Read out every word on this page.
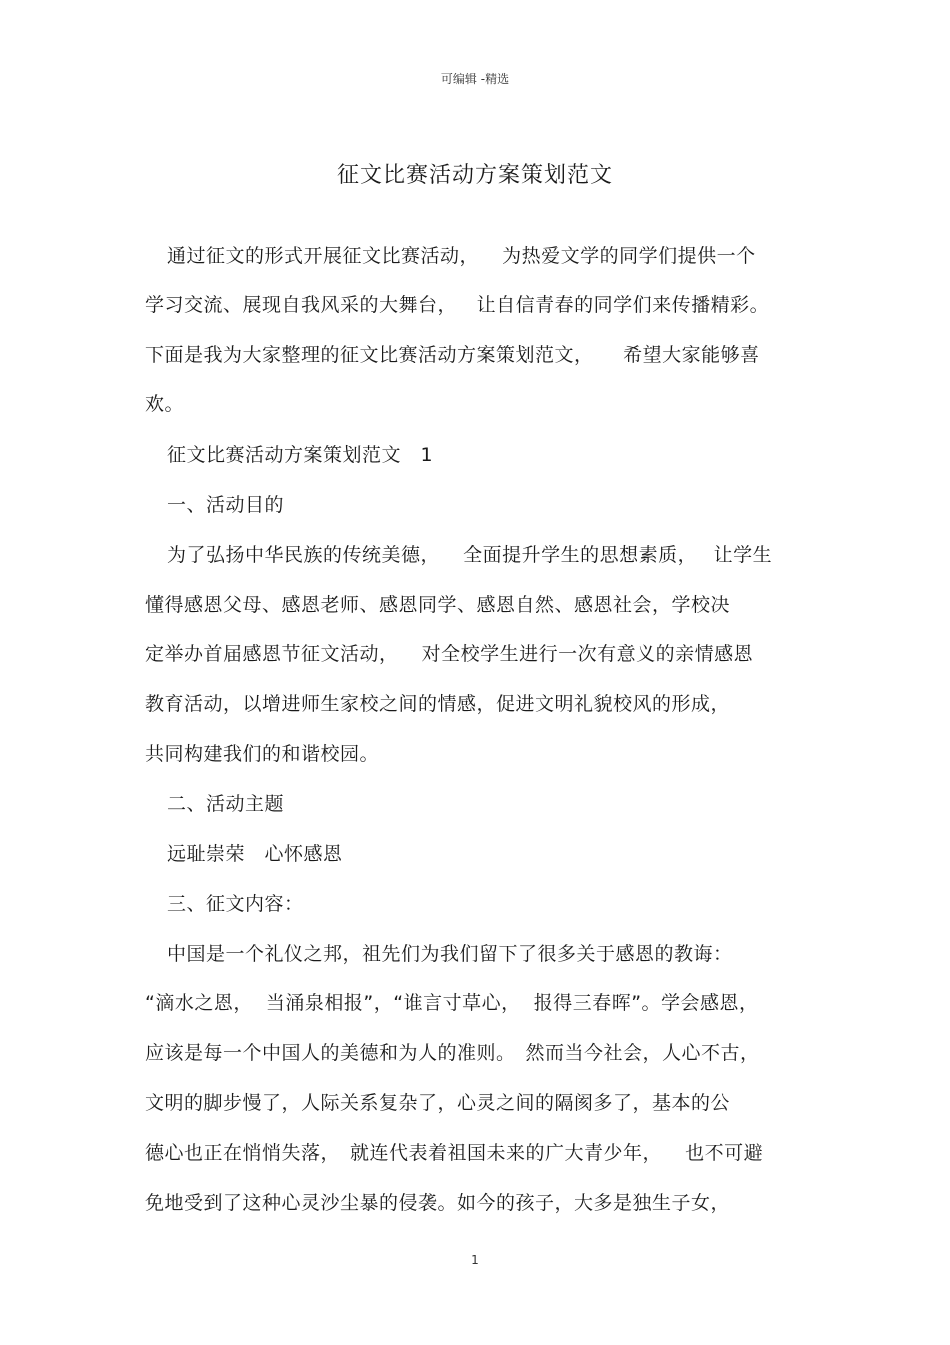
可编辑 -精选
征文比赛活动方案策划范文
通过征文的形式开展征文比赛活动，　  为热爱文学的同学们提供一个
学习交流、展现自我风采的大舞台，   让自信青春的同学们来传播精彩。
下面是我为大家整理的征文比赛活动方案策划范文，　   希望大家能够喜
欢。
征文比赛活动方案策划范文　1
一、活动目的
为了弘扬中华民族的传统美德，　  全面提升学生的思想素质，　 让学生
懂得感恩父母、感恩老师、感恩同学、感恩自然、感恩社会，学校决
定举办首届感恩节征文活动，　  对全校学生进行一次有意义的亲情感恩
教育活动，以增进师生家校之间的情感，促进文明礼貌校风的形成，
共同构建我们的和谐校园。
二、活动主题
远耻崇荣　心怀感恩
三、征文内容：
中国是一个礼仪之邦，祖先们为我们留下了很多关于感恩的教诲：
“滴水之恩，  当涌泉相报”，“谁言寸草心，  报得三春晖”。学会感恩，
应该是每一个中国人的美德和为人的准则。　然而当今社会，人心不古，
文明的脚步慢了，人际关系复杂了，心灵之间的隔阂多了，基本的公
德心也正在悄悄失落，　就连代表着祖国未来的广大青少年，　  也不可避
免地受到了这种心灵沙尘暴的侵袭。如今的孩子，大多是独生子女，
1
